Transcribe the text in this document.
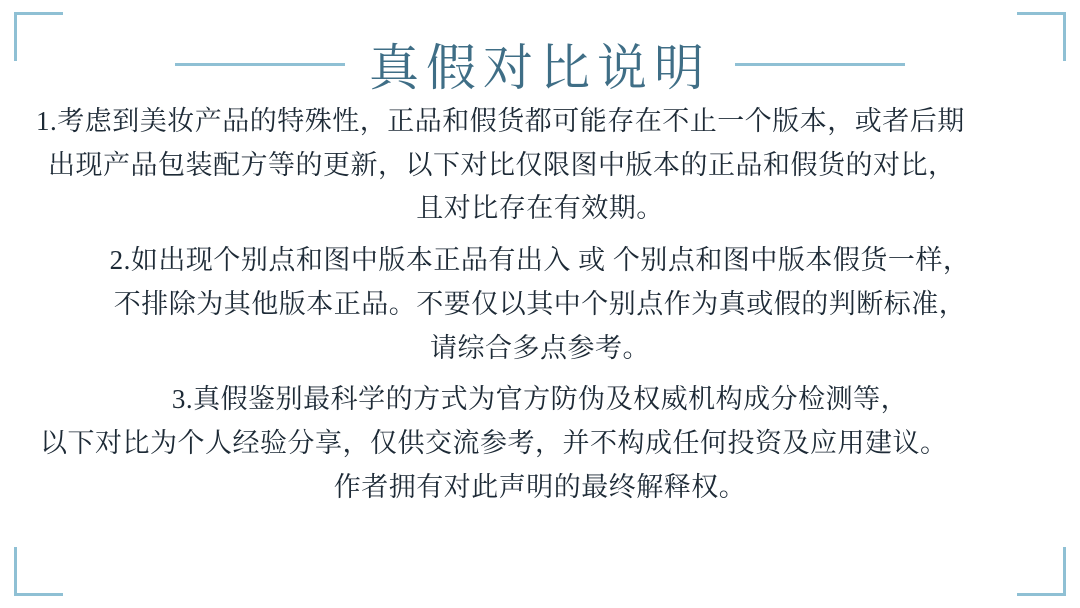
真假对比说明
1.考虑到美妆产品的特殊性，正品和假货都可能存在不止一个版本，或者后期
出现产品包装配方等的更新，以下对比仅限图中版本的正品和假货的对比，
且对比存在有效期。
2.如出现个别点和图中版本正品有出入 或 个别点和图中版本假货一样，
不排除为其他版本正品。不要仅以其中个别点作为真或假的判断标准，
请综合多点参考。
3.真假鉴别最科学的方式为官方防伪及权威机构成分检测等，
以下对比为个人经验分享，仅供交流参考，并不构成任何投资及应用建议。
作者拥有对此声明的最终解释权。
